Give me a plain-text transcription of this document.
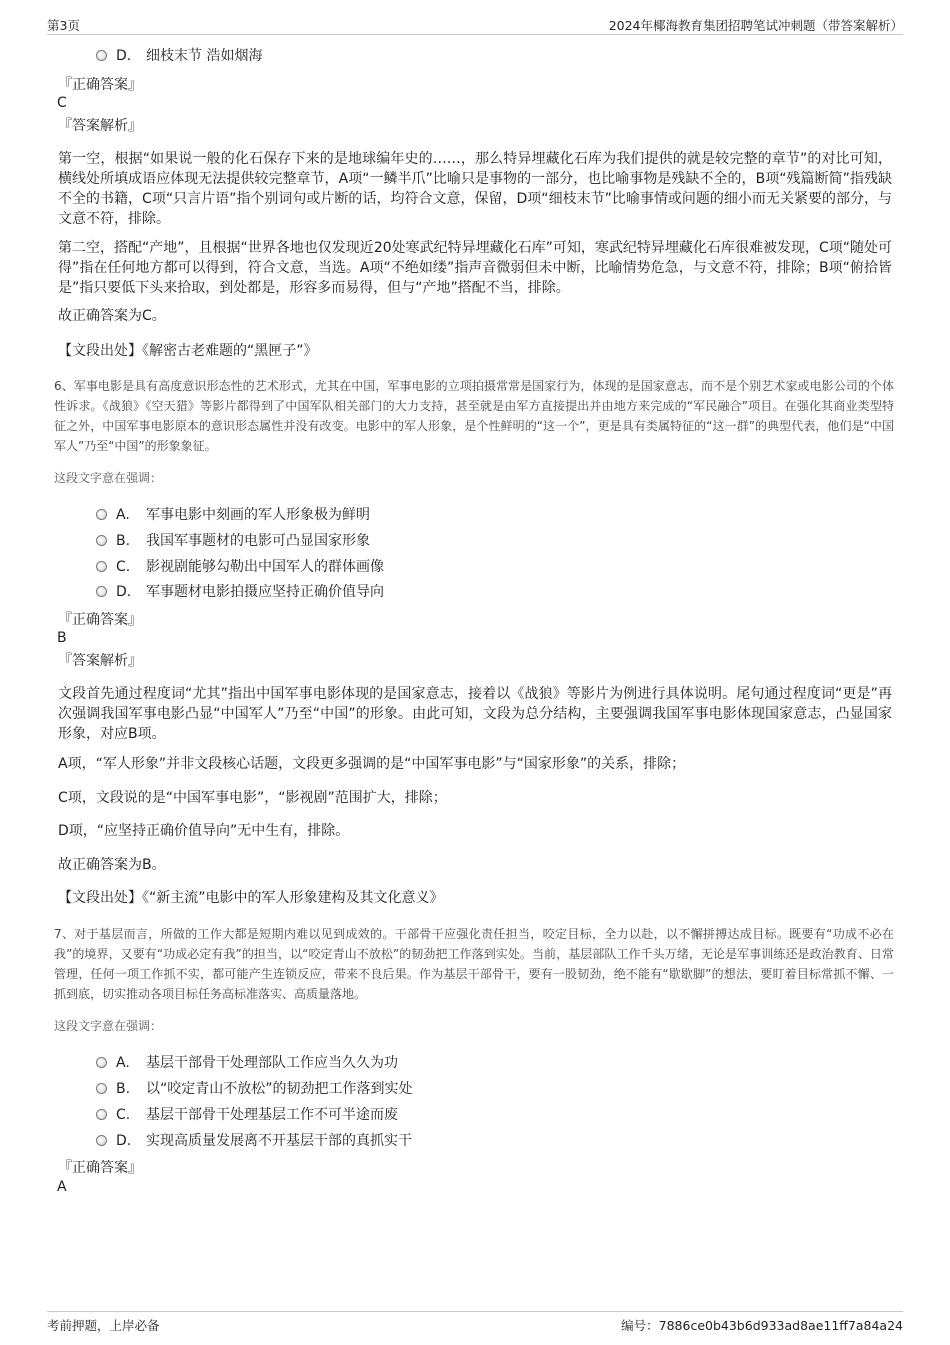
第3页	2024年椰海教育集团招聘笔试冲刺题（带答案解析）
D. 细枝末节 浩如烟海
『正确答案』
C
『答案解析』
第一空，根据“如果说一般的化石保存下来的是地球编年史的……，那么特异埋藏化石库为我们提供的就是较完整的章节”的对比可知，横线处所填成语应体现无法提供较完整章节，A项“一鳞半爪”比喻只是事物的一部分，也比喻事物是残缺不全的，B项“残篇断简”指残缺不全的书籍，C项“只言片语”指个别词句或片断的话，均符合文意，保留，D项“细枝末节”比喻事情或问题的细小而无关紧要的部分，与文意不符，排除。
第二空，搭配“产地”，且根据“世界各地也仅发现近20处寒武纪特异埋藏化石库”可知，寒武纪特异埋藏化石库很难被发现，C项“随处可得”指在任何地方都可以得到，符合文意，当选。A项“不绝如缕”指声音微弱但未中断，比喻情势危急，与文意不符，排除；B项“俯拾皆是”指只要低下头来拾取，到处都是，形容多而易得，但与“产地”搭配不当，排除。
故正确答案为C。
【文段出处】《解密古老难题的“黑匣子”》
6、军事电影是具有高度意识形态性的艺术形式，尤其在中国，军事电影的立项拍摄常常是国家行为，体现的是国家意志，而不是个别艺术家或电影公司的个体性诉求。《战狼》《空天猎》等影片都得到了中国军队相关部门的大力支持，甚至就是由军方直接提出并由地方来完成的“军民融合”项目。在强化其商业类型特征之外，中国军事电影原本的意识形态属性并没有改变。电影中的军人形象，是个性鲜明的“这一个”，更是具有类属特征的“这一群”的典型代表，他们是“中国军人”乃至“中国”的形象象征。
这段文字意在强调：
A. 军事电影中刻画的军人形象极为鲜明
B. 我国军事题材的电影可凸显国家形象
C. 影视剧能够勾勒出中国军人的群体画像
D. 军事题材电影拍摄应坚持正确价值导向
『正确答案』
B
『答案解析』
文段首先通过程度词“尤其”指出中国军事电影体现的是国家意志，接着以《战狼》等影片为例进行具体说明。尾句通过程度词“更是”再次强调我国军事电影凸显“中国军人”乃至“中国”的形象。由此可知，文段为总分结构，主要强调我国军事电影体现国家意志，凸显国家形象，对应B项。
A项，“军人形象”并非文段核心话题，文段更多强调的是“中国军事电影”与“国家形象”的关系，排除；
C项，文段说的是“中国军事电影”，“影视剧”范围扩大，排除；
D项，“应坚持正确价值导向”无中生有，排除。
故正确答案为B。
【文段出处】《“新主流”电影中的军人形象建构及其文化意义》
7、对于基层而言，所做的工作大都是短期内难以见到成效的。干部骨干应强化责任担当，咬定目标，全力以赴，以不懈拼搏达成目标。既要有“功成不必在我”的境界，又要有“功成必定有我”的担当，以“咬定青山不放松”的韧劲把工作落到实处。当前，基层部队工作千头万绪，无论是军事训练还是政治教育、日常管理，任何一项工作抓不实，都可能产生连锁反应，带来不良后果。作为基层干部骨干，要有一股韧劲，绝不能有“歇歇脚”的想法，要盯着目标常抓不懈、一抓到底，切实推动各项目标任务高标准落实、高质量落地。
这段文字意在强调：
A. 基层干部骨干处理部队工作应当久久为功
B. 以“咬定青山不放松”的韧劲把工作落到实处
C. 基层干部骨干处理基层工作不可半途而废
D. 实现高质量发展离不开基层干部的真抓实干
『正确答案』
A
考前押题，上岸必备	编号：7886ce0b43b6d933ad8ae11ff7a84a24
